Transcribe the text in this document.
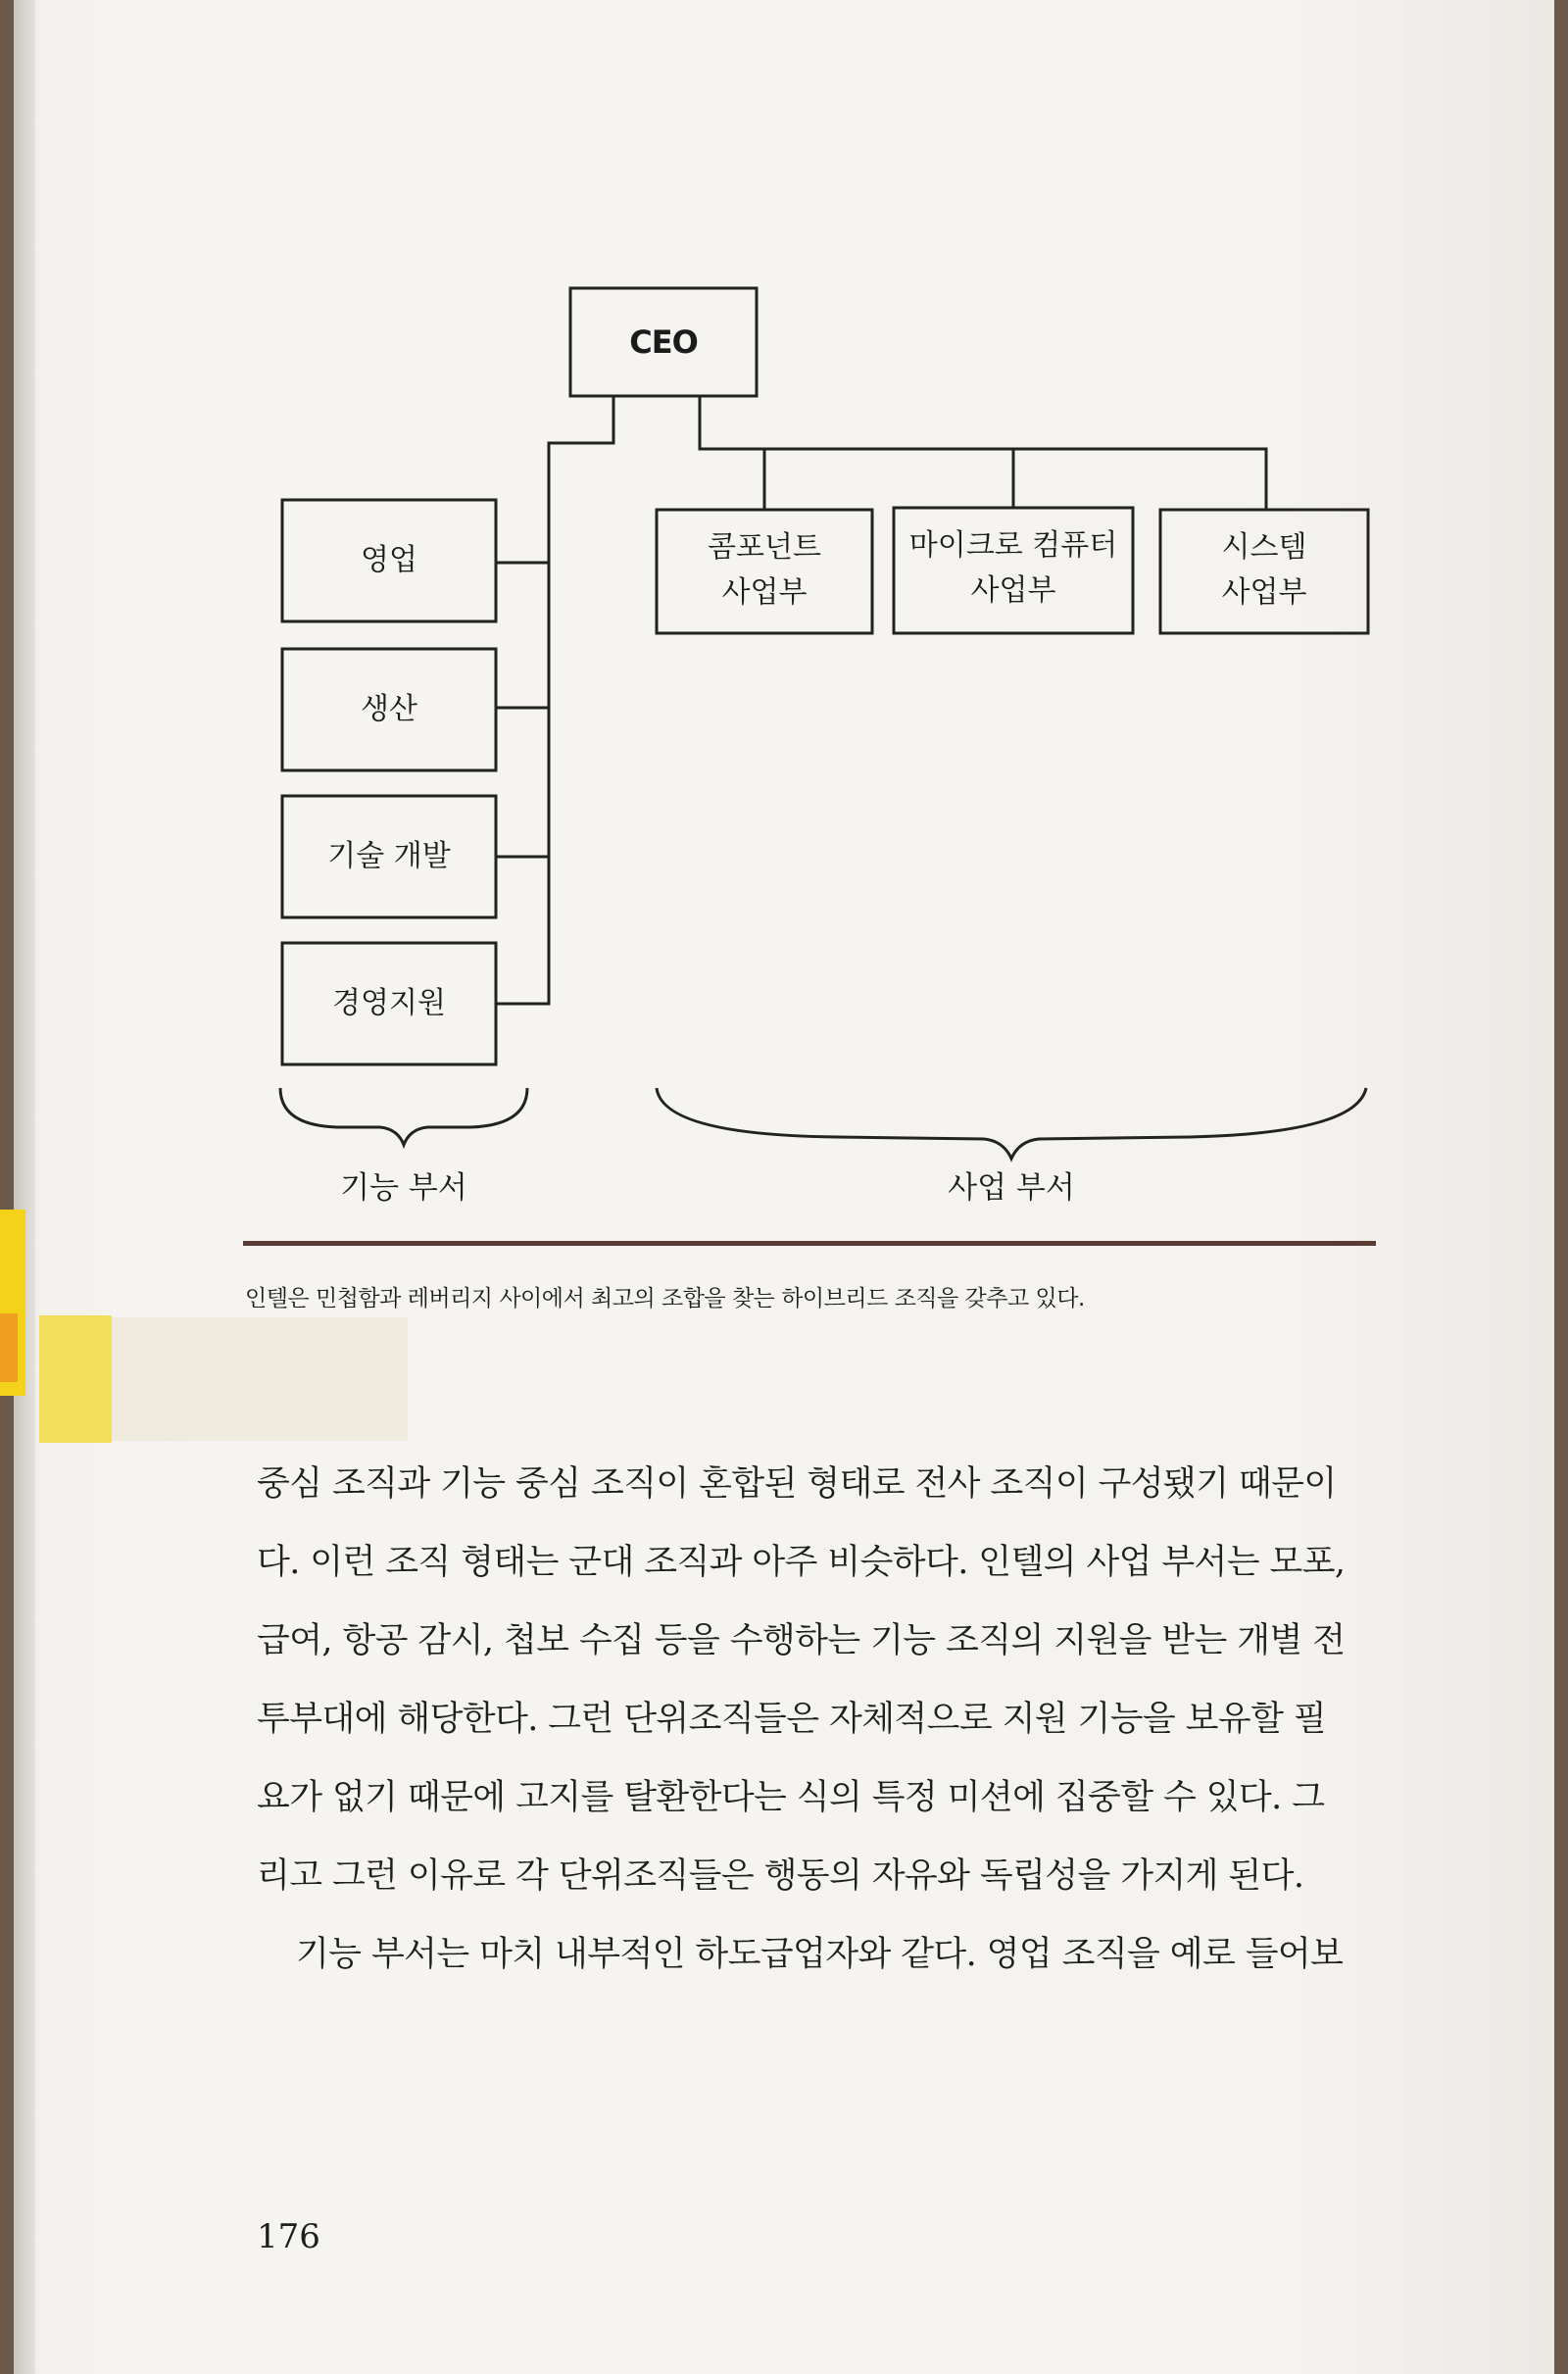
CEO
영업
생산
기술 개발
경영지원
콤포넌트
사업부
마이크로 컴퓨터
사업부
시스템
사업부
기능 부서	사업 부서
인텔은 민첩함과 레버리지 사이에서 최고의 조합을 찾는 하이브리드 조직을 갖추고 있다.
중심 조직과 기능 중심 조직이 혼합된 형태로 전사 조직이 구성됐기 때문이
다. 이런 조직 형태는 군대 조직과 아주 비슷하다. 인텔의 사업 부서는 모포,
급여, 항공 감시, 첩보 수집 등을 수행하는 기능 조직의 지원을 받는 개별 전
투부대에 해당한다. 그런 단위조직들은 자체적으로 지원 기능을 보유할 필
요가 없기 때문에 고지를 탈환한다는 식의 특정 미션에 집중할 수 있다. 그
리고 그런 이유로 각 단위조직들은 행동의 자유와 독립성을 가지게 된다.
기능 부서는 마치 내부적인 하도급업자와 같다. 영업 조직을 예로 들어보
176
